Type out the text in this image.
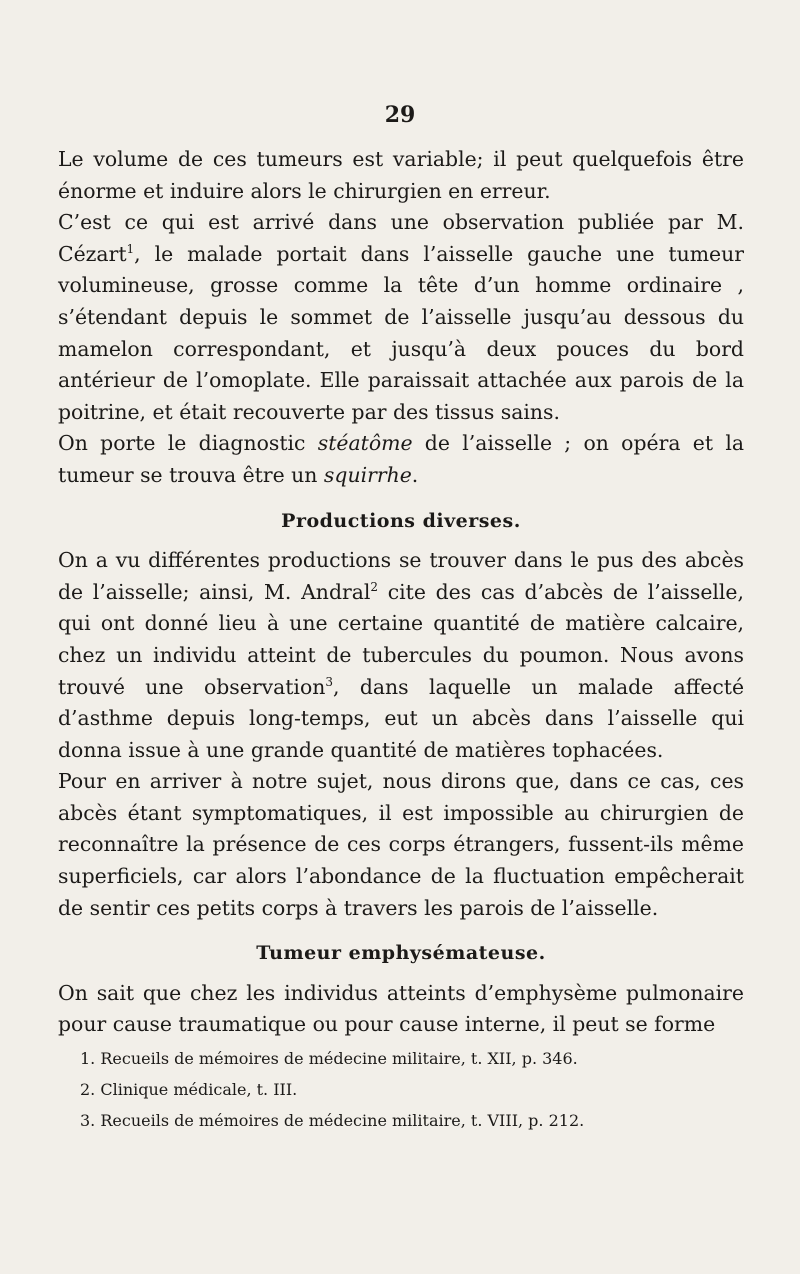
29

Le volume de ces tumeurs est variable; il peut quelquefois être énorme et induire alors le chirurgien en erreur.

C’est ce qui est arrivé dans une observation publiée par M. Cézart$^1$, le malade portait dans l’aisselle gauche une tumeur volumineuse, grosse comme la tête d’un homme ordinaire , s’étendant depuis le sommet de l’aisselle jusqu’au dessous du mamelon correspondant, et jusqu’à deux pouces du bord antérieur de l’omoplate. Elle paraissait attachée aux parois de la poitrine, et était recouverte par des tissus sains.

On porte le diagnostic stéatôme de l’aisselle ; on opéra et la tumeur se trouva être un squirrhe.

Productions diverses.

On a vu différentes productions se trouver dans le pus des abcès de l’aisselle; ainsi, M. Andral$^2$ cite des cas d’abcès de l’aisselle, qui ont donné lieu à une certaine quantité de matière calcaire, chez un individu atteint de tubercules du poumon. Nous avons trouvé une observation$^3$, dans laquelle un malade affecté d’asthme depuis long-temps, eut un abcès dans l’aisselle qui donna issue à une grande quantité de matières tophacées.

Pour en arriver à notre sujet, nous dirons que, dans ce cas, ces abcès étant symptomatiques, il est impossible au chirurgien de reconnaître la présence de ces corps étrangers, fussent-ils même superficiels, car alors l’abondance de la fluctuation empêcherait de sentir ces petits corps à travers les parois de l’aisselle.

Tumeur emphysémateuse.

On sait que chez les individus atteints d’emphysème pulmonaire pour cause traumatique ou pour cause interne, il peut se forme

1. Recueils de mémoires de médecine militaire, t. XII, p. 346.
2. Clinique médicale, t. III.
3. Recueils de mémoires de médecine militaire, t. VIII, p. 212.
